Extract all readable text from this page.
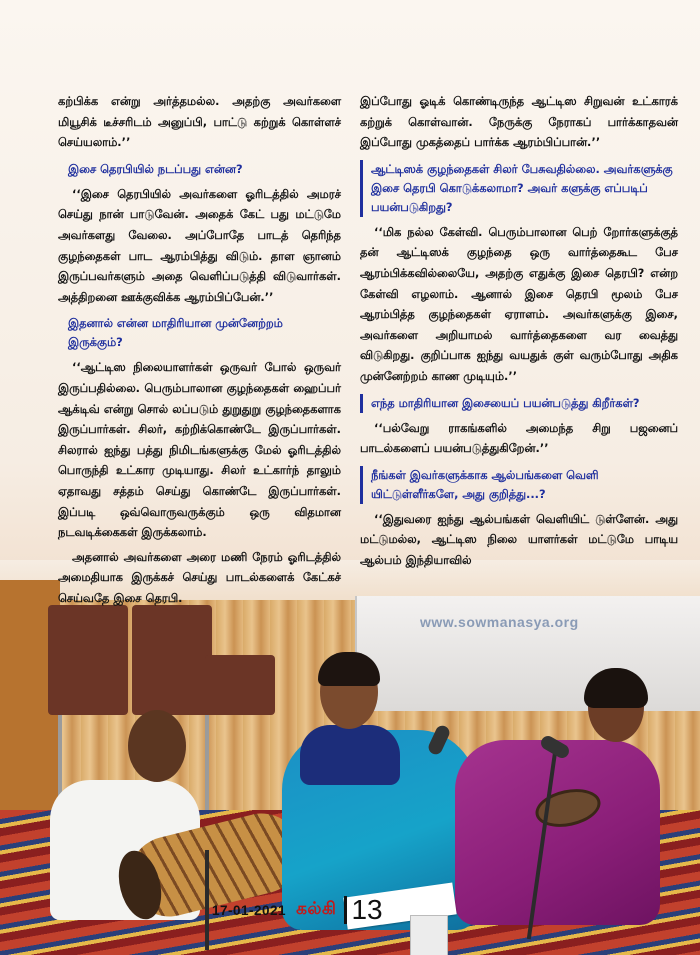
www.sowmanasya.org

கற்பிக்க என்று அர்த்தமல்ல. அதற்கு அவர்களை மியூசிக் டீச்சரிடம் அனுப்பி, பாட்டு கற்றுக் கொள்ளச் செய்யலாம்.’’

இசை தெரபியில் நடப்பது என்ன?

‘‘இசை தெரபியில் அவர்களை ஓரிடத்தில் அமரச் செய்து நான் பாடுவேன். அதைக் கேட் பது மட்டுமே அவர்களது வேலை. அப்போதே பாடத் தெரிந்த குழந்தைகள் பாட ஆரம்பித்து விடும். தாள ஞானம் இருப்பவர்களும் அதை வெளிப்படுத்தி விடுவார்கள். அத்திறனை ஊக்குவிக்க ஆரம்பிப்பேன்.’’

இதனால் என்ன மாதிரியான முன்னேற்றம் இருக்கும்?

‘‘ஆட்டிஸ நிலையாளர்கள் ஒருவர் போல் ஒருவர் இருப்பதில்லை. பெரும்பாலான குழந்தைகள் ஹைப்பர் ஆக்டிவ் என்று சொல் லப்படும் துறுதுறு குழந்தைகளாக இருப்பார்கள். சிலர், கற்றிக்கொண்டே இருப்பார்கள். சிலரால் ஐந்து பத்து நிமிடங்களுக்கு மேல் ஓரிடத்தில் பொருந்தி உட்கார முடியாது. சிலர் உட்கார்ந் தாலும் ஏதாவது சத்தம் செய்து கொண்டே இருப்பார்கள். இப்படி ஒவ்வொருவருக்கும் ஒரு விதமான நடவடிக்கைகள் இருக்கலாம்.

அதனால் அவர்களை அரை மணி நேரம் ஓரிடத்தில் அமைதியாக இருக்கச் செய்து பாடல்களைக் கேட்கச் செய்வதே இசை தெரபி.

இப்போது ஓடிக் கொண்டிருந்த ஆட்டிஸ சிறுவன் உட்காரக் கற்றுக் கொள்வான். நேருக்கு நேராகப் பார்க்காதவன் இப்போது முகத்தைப் பார்க்க ஆரம்பிப்பான்.’’

ஆட்டிஸக் குழந்தைகள் சிலர் பேசுவதில்லை. அவர்களுக்கு இசை தெரபி கொடுக்கலாமா? அவர் களுக்கு எப்படிப் பயன்படுகிறது?

‘‘மிக நல்ல கேள்வி. பெரும்பாலான பெற் றோர்களுக்குத் தன் ஆட்டிஸக் குழந்தை ஒரு வார்த்தைகூட பேச ஆரம்பிக்கவில்லையே, அதற்கு எதுக்கு இசை தெரபி? என்ற கேள்வி எழலாம். ஆனால் இசை தெரபி மூலம் பேச ஆரம்பித்த குழந்தைகள் ஏராளம். அவர்களுக்கு இசை, அவர்களை அறியாமல் வார்த்தைகளை வர வைத்து விடுகிறது. குறிப்பாக ஐந்து வயதுக் குள் வரும்போது அதிக முன்னேற்றம் காண முடியும்.’’

எந்த மாதிரியான இசையைப் பயன்படுத்து கிறீர்கள்?

‘‘பல்வேறு ராகங்களில் அமைந்த சிறு பஜனைப் பாடல்களைப் பயன்படுத்துகிறேன்.’’

நீங்கள் இவர்களுக்காக ஆல்பங்களை வெளி யிட்டுள்ளீர்களே, அது குறித்து...?

‘‘இதுவரை ஐந்து ஆல்பங்கள் வெளியிட் டுள்ளேன். அது மட்டுமல்ல, ஆட்டிஸ நிலை யாளர்கள் மட்டுமே பாடிய ஆல்பம் இந்தியாவில்

17-01-2021 கல்கி 13
